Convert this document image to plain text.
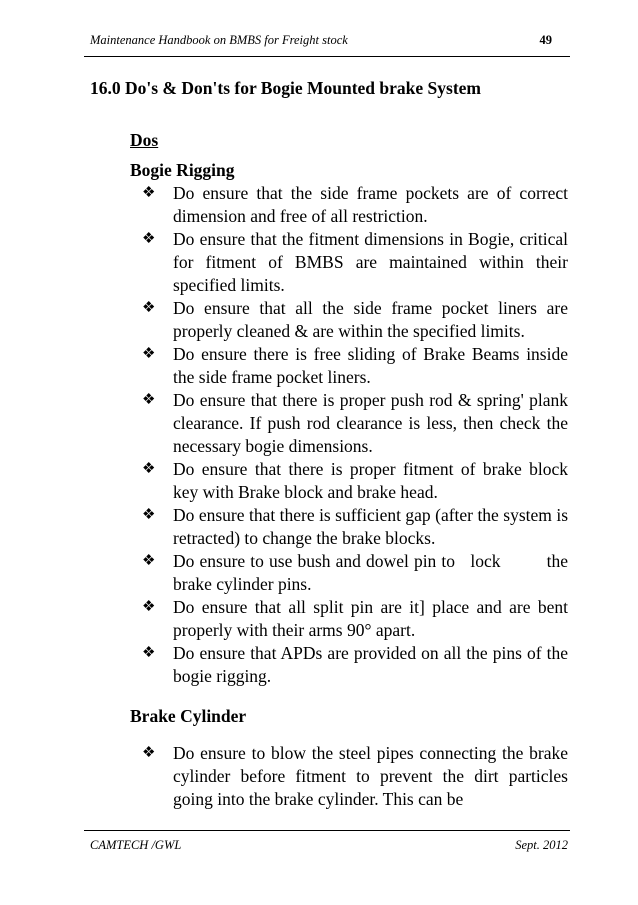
Maintenance Handbook on BMBS for Freight stock	49
16.0 Do's & Don'ts for Bogie Mounted brake System
Dos
Bogie Rigging
❖	Do ensure that the side frame pockets are of correct dimension and free of all restriction.
❖	Do ensure that the fitment dimensions in Bogie, critical for fitment of BMBS are maintained within their specified limits.
❖	Do ensure that all the side frame pocket liners are properly cleaned & are within the specified limits.
❖	Do ensure there is free sliding of Brake Beams inside the side frame pocket liners.
❖	Do ensure that there is proper push rod & spring' plank clearance. If push rod clearance is less, then check the necessary bogie dimensions.
❖	Do ensure that there is proper fitment of brake block key with Brake block and brake head.
❖	Do ensure that there is sufficient gap (after the system is retracted) to change the brake blocks.
❖	Do ensure to use bush and dowel pin to   lock         the brake cylinder pins.
❖	Do ensure that all split pin are it] place and are bent properly with their arms 90° apart.
❖	Do ensure that APDs are provided on all the pins of the bogie rigging.
Brake Cylinder
❖	Do ensure to blow the steel pipes connecting the brake cylinder before fitment to prevent the dirt particles going into the brake cylinder. This can be
CAMTECH /GWL	Sept. 2012
